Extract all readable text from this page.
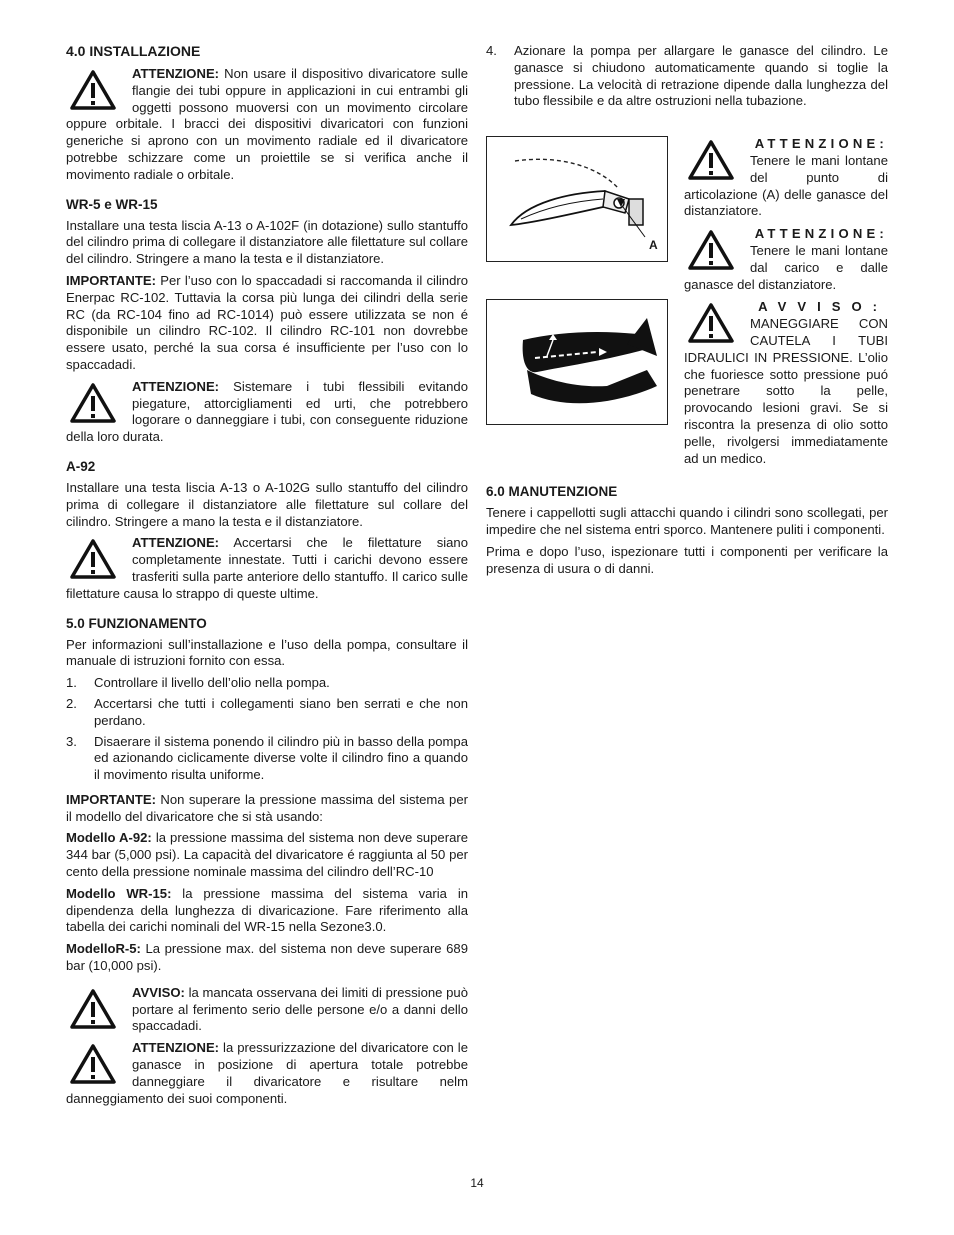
4.0 INSTALLAZIONE
ATTENZIONE: Non usare il dispositivo divaricatore sulle flangie dei tubi oppure in applicazioni in cui entrambi gli oggetti possono muoversi con un movimento circolare oppure orbitale. I bracci dei dispositivi divaricatori con funzioni generiche si aprono con un movimento radiale ed il divaricatore potrebbe schizzare come un proiettile se si verifica anche il movimento radiale o orbitale.
WR-5 e WR-15

Installare una testa liscia A-13 o A-102F (in dotazione) sullo stantuffo del cilindro prima di collegare il distanziatore alle filettature sul collare del cilindro. Stringere a mano la testa e il distanziatore.

IMPORTANTE: Per l’uso con lo spaccadadi si raccomanda il cilindro Enerpac RC-102. Tuttavia la corsa più lunga dei cilindri della serie RC (da RC-104 fino ad RC-1014) può essere utilizzata se non é disponibile un cilindro RC-102. Il cilindro RC-101 non dovrebbe essere usato, perché la sua corsa é insufficiente per l’uso con lo spaccadadi.

ATTENZIONE: Sistemare i tubi flessibili evitando piegature, attorcigliamenti ed urti, che potrebbero logorare o danneggiare i tubi, con conseguente riduzione della loro durata.
A-92

Installare una testa liscia A-13 o A-102G sullo stantuffo del cilindro prima di collegare il distanziatore alle filettature sul collare del cilindro. Stringere a mano la testa e il distanziatore.

ATTENZIONE: Accertarsi che le filettature siano completamente innestate. Tutti i carichi devono essere trasferiti sulla parte anteriore dello stantuffo. Il carico sulle filettature causa lo strappo di queste ultime.
5.0 FUNZIONAMENTO

Per informazioni sull’installazione e l’uso della pompa, consultare il manuale di istruzioni fornito con essa.

1. Controllare il livello dell’olio nella pompa.
2. Accertarsi che tutti i collegamenti siano ben serrati e che non perdano.
3. Disaerare il sistema ponendo il cilindro più in basso della pompa ed azionando ciclicamente diverse volte il cilindro fino a quando il movimento risulta uniforme.

IMPORTANTE: Non superare la pressione massima del sistema per il modello del divaricatore che si stà usando:

Modello A-92: la pressione massima del sistema non deve superare 344 bar (5,000 psi). La capacità del divaricatore é raggiunta al 50 per cento della pressione nominale massima del cilindro dell’RC-10

Modello WR-15: la pressione massima del sistema varia in dipendenza della lunghezza di divaricazione. Fare riferimento alla tabella dei carichi nominali del WR-15 nella Sezone3.0.

ModelloR-5: La pressione max. del sistema non deve superare 689 bar (10,000 psi).

AVVISO: la mancata osservana dei limiti di pressione può portare al ferimento serio delle persone e/o a danni dello spaccadadi.
ATTENZIONE: la pressurizzazione del divaricatore con le ganasce in posizione di apertura totale potrebbe danneggiare il divaricatore e risultare nelm danneggiamento dei suoi componenti.
4. Azionare la pompa per allargare le ganasce del cilindro. Le ganasce si chiudono automaticamente quando si toglie la pressione. La velocità di retrazione dipende dalla lunghezza del tubo flessibile e da altre ostruzioni nella tubazione.
A
ATTENZIONE:
Tenere le mani lontane del punto di articolazione (A) delle ganasce del distanziatore.
ATTENZIONE:
Tenere le mani lontane dal carico e dalle ganasce del distanziatore.
AVVISO:
MANEGGIARE CON CAUTELA I TUBI IDRAULICI IN PRESSIONE. L’olio che fuoriesce sotto pressione puó penetrare sotto la pelle, provocando lesioni gravi. Se si riscontra la presenza di olio sotto pelle, rivolgersi immediatamente ad un medico.
6.0 MANUTENZIONE

Tenere i cappellotti sugli attacchi quando i cilindri sono scollegati, per impedire che nel sistema entri sporco. Mantenere puliti i componenti.

Prima e dopo l’uso, ispezionare tutti i componenti per verificare la presenza di usura o di danni.

14
